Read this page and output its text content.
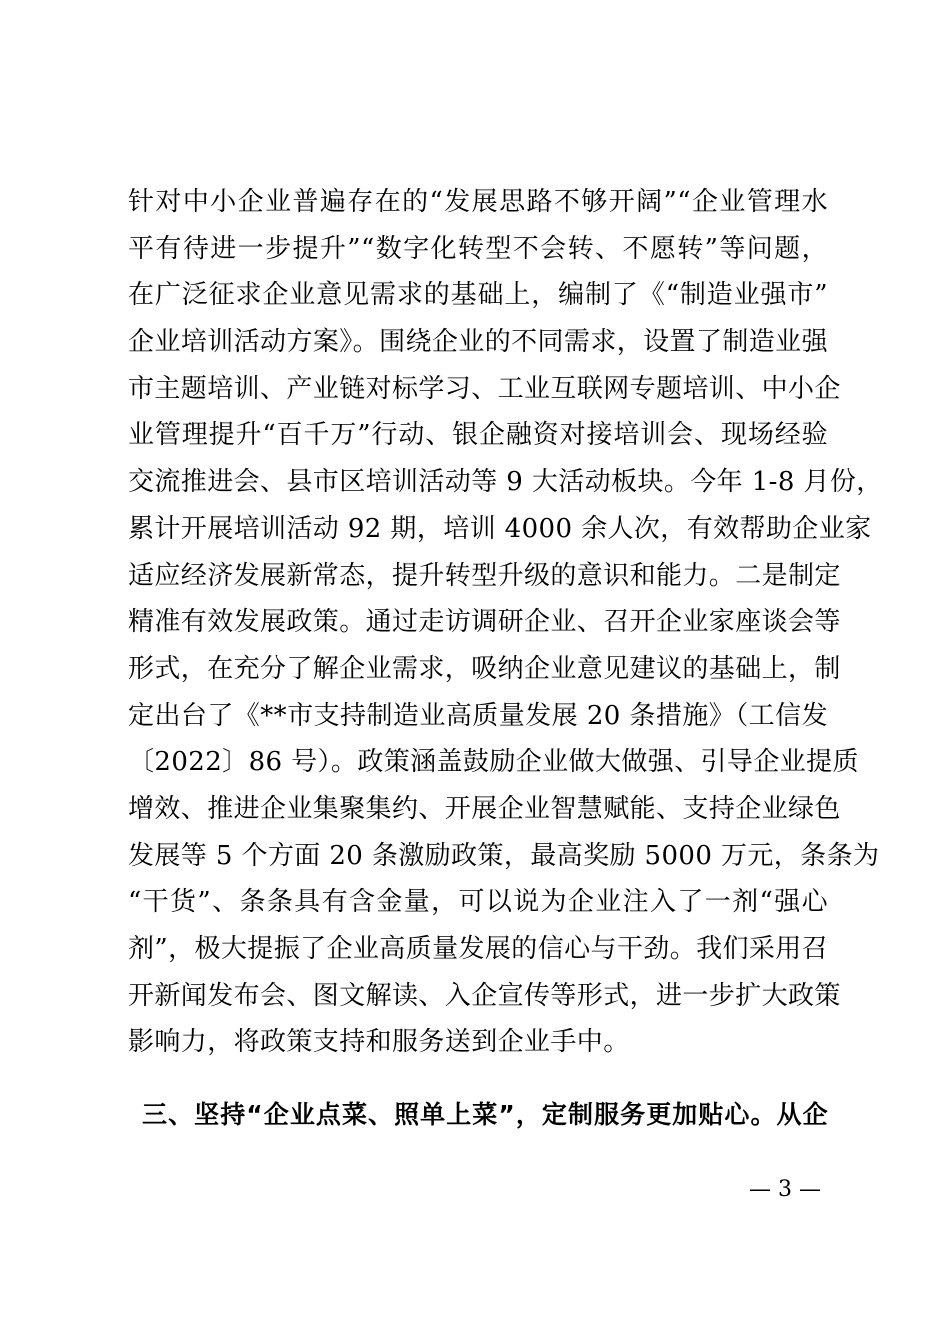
针对中小企业普遍存在的“发展思路不够开阔”“企业管理水
平有待进一步提升”“数字化转型不会转、不愿转”等问题，
在广泛征求企业意见需求的基础上，编制了《“制造业强市”
企业培训活动方案》。围绕企业的不同需求，设置了制造业强
市主题培训、产业链对标学习、工业互联网专题培训、中小企
业管理提升“百千万”行动、银企融资对接培训会、现场经验
交流推进会、县市区培训活动等 9 大活动板块。今年 1-8 月份，
累计开展培训活动 92 期，培训 4000 余人次，有效帮助企业家
适应经济发展新常态，提升转型升级的意识和能力。二是制定
精准有效发展政策。通过走访调研企业、召开企业家座谈会等
形式，在充分了解企业需求，吸纳企业意见建议的基础上，制
定出台了《**市支持制造业高质量发展 20 条措施》（工信发
〔2022〕86 号）。政策涵盖鼓励企业做大做强、引导企业提质
增效、推进企业集聚集约、开展企业智慧赋能、支持企业绿色
发展等 5 个方面 20 条激励政策，最高奖励 5000 万元，条条为
“干货”、条条具有含金量，可以说为企业注入了一剂“强心
剂”，极大提振了企业高质量发展的信心与干劲。我们采用召
开新闻发布会、图文解读、入企宣传等形式，进一步扩大政策
影响力，将政策支持和服务送到企业手中。
三、坚持“企业点菜、照单上菜”，定制服务更加贴心。从企
— 3 —
